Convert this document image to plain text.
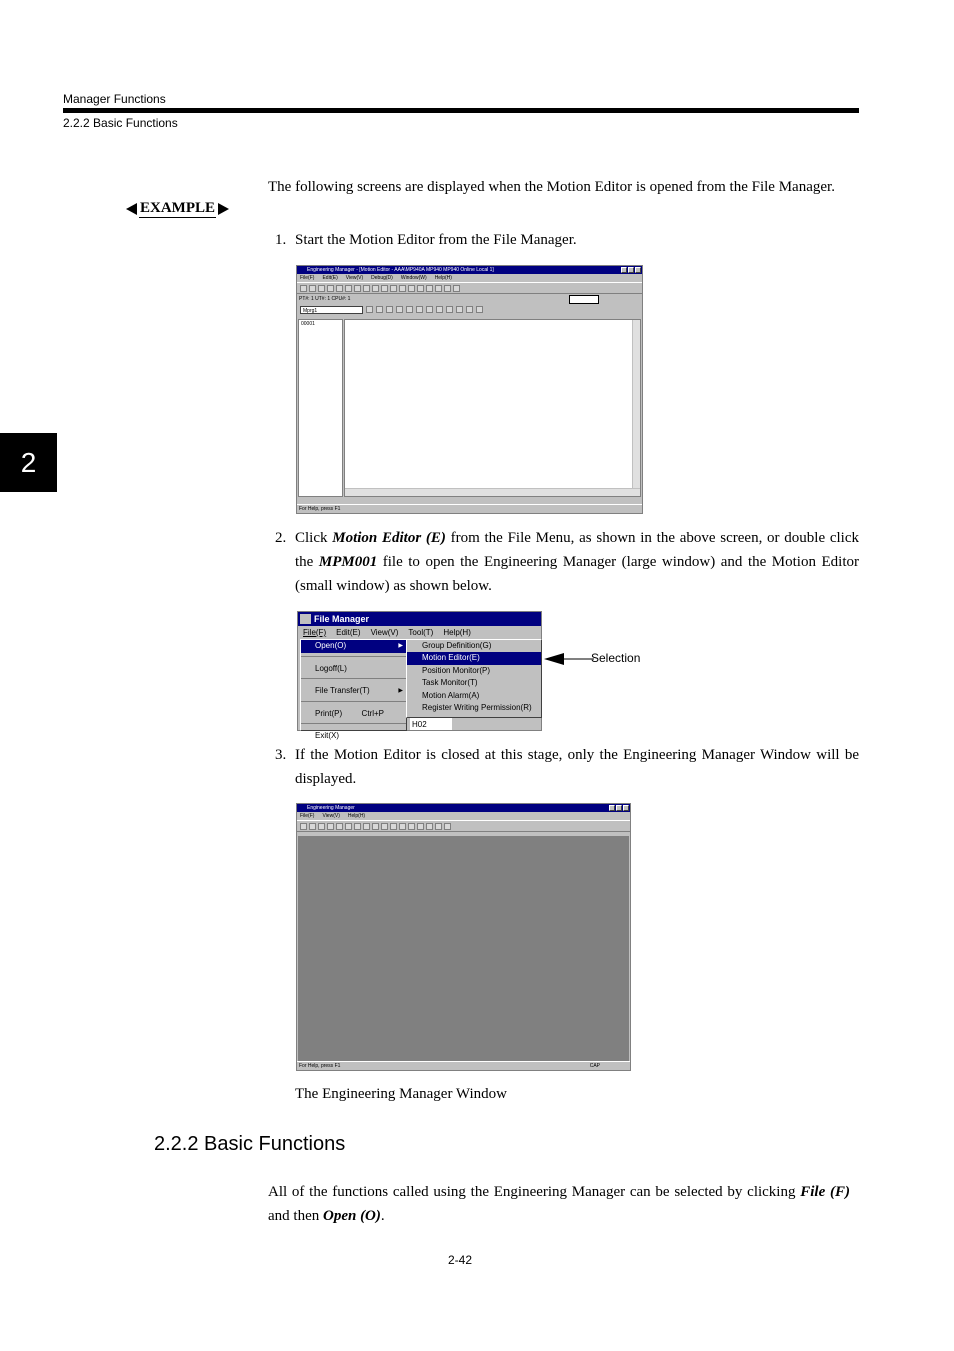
Manager Functions
2.2.2 Basic Functions
2
EXAMPLE
The following screens are displayed when the Motion Editor is opened from the File Manager.
1. Start the Motion Editor from the File Manager.
Engineering Manager - [Motion Editor - AAA\MP940A MP940 MP940 Online Local 1]
File(F) Edit(E) View(V) Debug(D) Window(W) Help(H)
PT#: 1 UT#: 1 CPU#: 1
Mprg1
00001
For Help, press F1
2. Click Motion Editor (E) from the File Menu, as shown in the above screen, or double click the MPM001 file to open the Engineering Manager (large window) and the Motion Editor (small window) as shown below.
File Manager
File(F) Edit(E) View(V) Tool(T) Help(H)
H02
Open(O)	▶
Logoff(L)
File Transfer(T)	▶
Print(P) Ctrl+P
Exit(X)
Group Definition(G)
Motion Editor(E)
Position Monitor(P)
Task Monitor(T)
Motion Alarm(A)
Register Writing Permission(R)
Selection
3. If the Motion Editor is closed at this stage, only the Engineering Manager Window will be displayed.
Engineering Manager
File(F) View(V) Help(H)
For Help, press F1	CAP
The Engineering Manager Window
2.2.2 Basic Functions
All of the functions called using the Engineering Manager can be selected by clicking File (F) and then Open (O).
2-42
